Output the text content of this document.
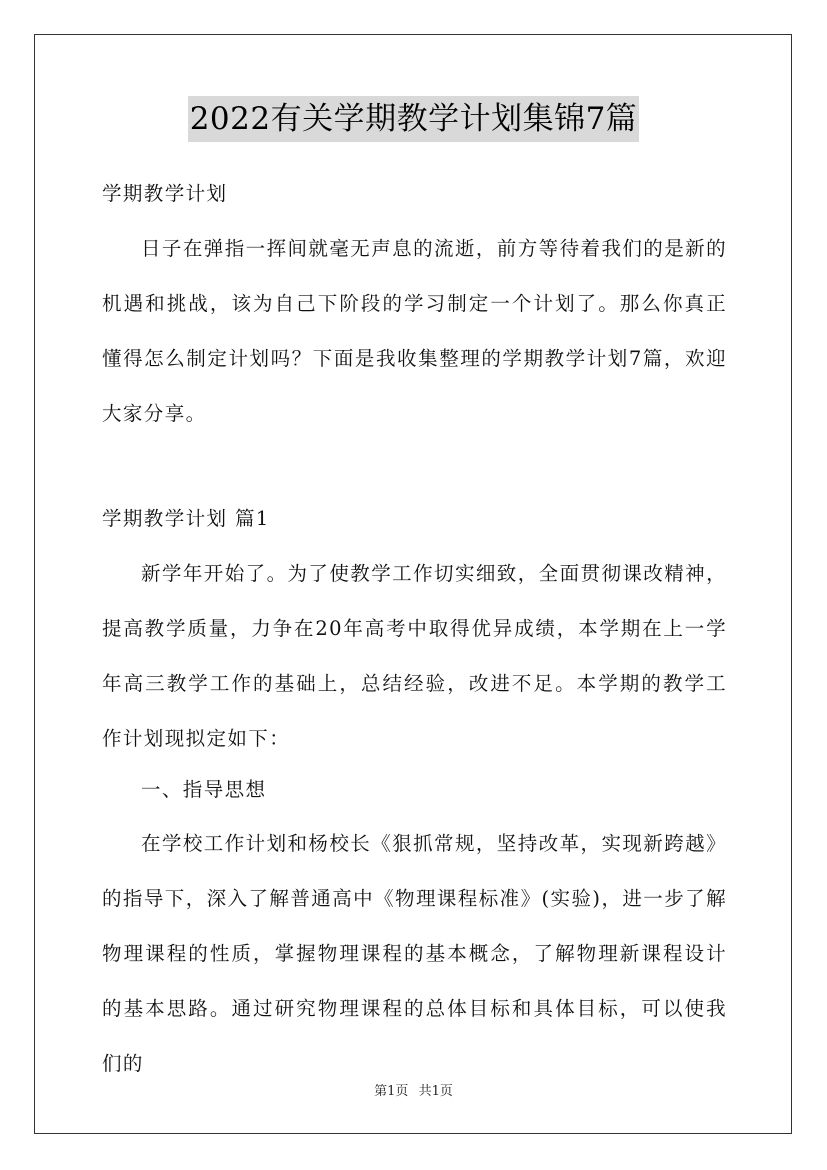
2022有关学期教学计划集锦7篇

学期教学计划

日子在弹指一挥间就毫无声息的流逝，前方等待着我们的是新的机遇和挑战，该为自己下阶段的学习制定一个计划了。那么你真正懂得怎么制定计划吗？下面是我收集整理的学期教学计划7篇，欢迎大家分享。

学期教学计划 篇1

新学年开始了。为了使教学工作切实细致，全面贯彻课改精神，提高教学质量，力争在20年高考中取得优异成绩，本学期在上一学年高三教学工作的基础上，总结经验，改进不足。本学期的教学工作计划现拟定如下：

一、指导思想

在学校工作计划和杨校长《狠抓常规，坚持改革，实现新跨越》的指导下，深入了解普通高中《物理课程标准》(实验)，进一步了解物理课程的性质，掌握物理课程的基本概念，了解物理新课程设计的基本思路。通过研究物理课程的总体目标和具体目标，可以使我们的

第1页 共1页
